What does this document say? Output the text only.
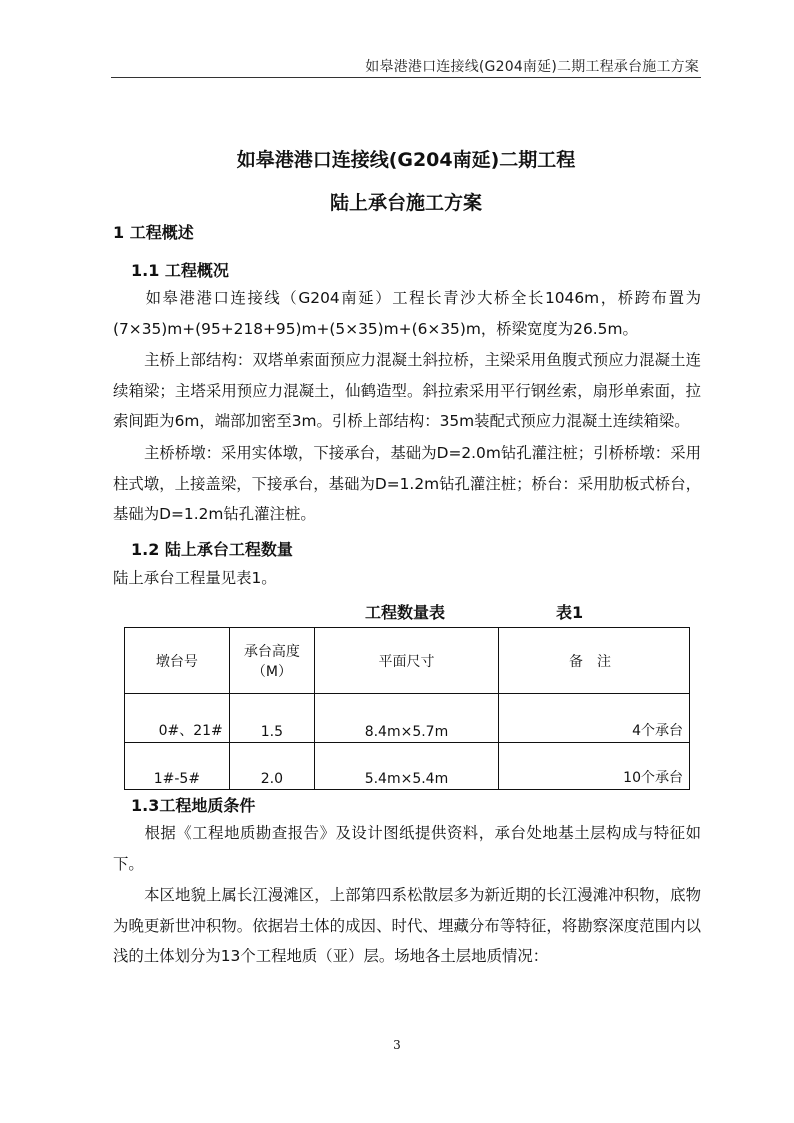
如皋港港口连接线(G204南延)二期工程承台施工方案
如皋港港口连接线(G204南延)二期工程
陆上承台施工方案
1 工程概述
1.1 工程概况
如皋港港口连接线（G204南延）工程长青沙大桥全长1046m，桥跨布置为(7×35)m+(95+218+95)m+(5×35)m+(6×35)m，桥梁宽度为26.5m。
主桥上部结构：双塔单索面预应力混凝土斜拉桥，主梁采用鱼腹式预应力混凝土连续箱梁；主塔采用预应力混凝土，仙鹤造型。斜拉索采用平行钢丝索，扇形单索面，拉索间距为6m，端部加密至3m。引桥上部结构：35m装配式预应力混凝土连续箱梁。
主桥桥墩：采用实体墩，下接承台，基础为D=2.0m钻孔灌注桩；引桥桥墩：采用柱式墩，上接盖梁，下接承台，基础为D=1.2m钻孔灌注桩；桥台：采用肋板式桥台，基础为D=1.2m钻孔灌注桩。
1.2 陆上承台工程数量
陆上承台工程量见表1。
工程数量表	表1
墩台号	承台高度（M）	平面尺寸	备　注
0#、21#	1.5	8.4m×5.7m	4个承台
1#-5#	2.0	5.4m×5.4m	10个承台
1.3工程地质条件
根据《工程地质勘查报告》及设计图纸提供资料，承台处地基土层构成与特征如下。
本区地貌上属长江漫滩区，上部第四系松散层多为新近期的长江漫滩冲积物，底物为晚更新世冲积物。依据岩土体的成因、时代、埋藏分布等特征，将勘察深度范围内以浅的土体划分为13个工程地质（亚）层。场地各土层地质情况：
3
